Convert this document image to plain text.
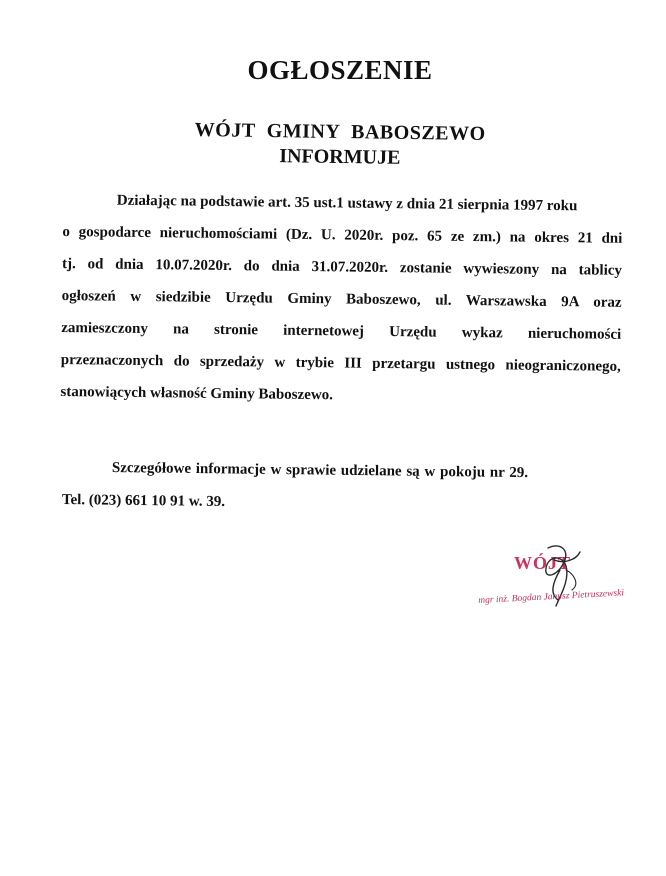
OGŁOSZENIE
WÓJT GMINY BABOSZEWO
INFORMUJE
Działając na podstawie art. 35 ust.1 ustawy z dnia 21 sierpnia 1997 roku
o gospodarce nieruchomościami (Dz. U. 2020r. poz. 65 ze zm.) na okres 21 dni
tj. od dnia 10.07.2020r. do dnia 31.07.2020r. zostanie wywieszony na tablicy
ogłoszeń w siedzibie Urzędu Gminy Baboszewo, ul. Warszawska 9A oraz
zamieszczony na stronie internetowej Urzędu wykaz nieruchomości
przeznaczonych do sprzedaży w trybie III przetargu ustnego nieograniczonego,
stanowiących własność Gminy Baboszewo.

Szczegółowe informacje w sprawie udzielane są w pokoju nr 29.

Tel. (023) 661 10 91 w. 39.

WÓJT

mgr inż. Bogdan Janusz Pietruszewski
